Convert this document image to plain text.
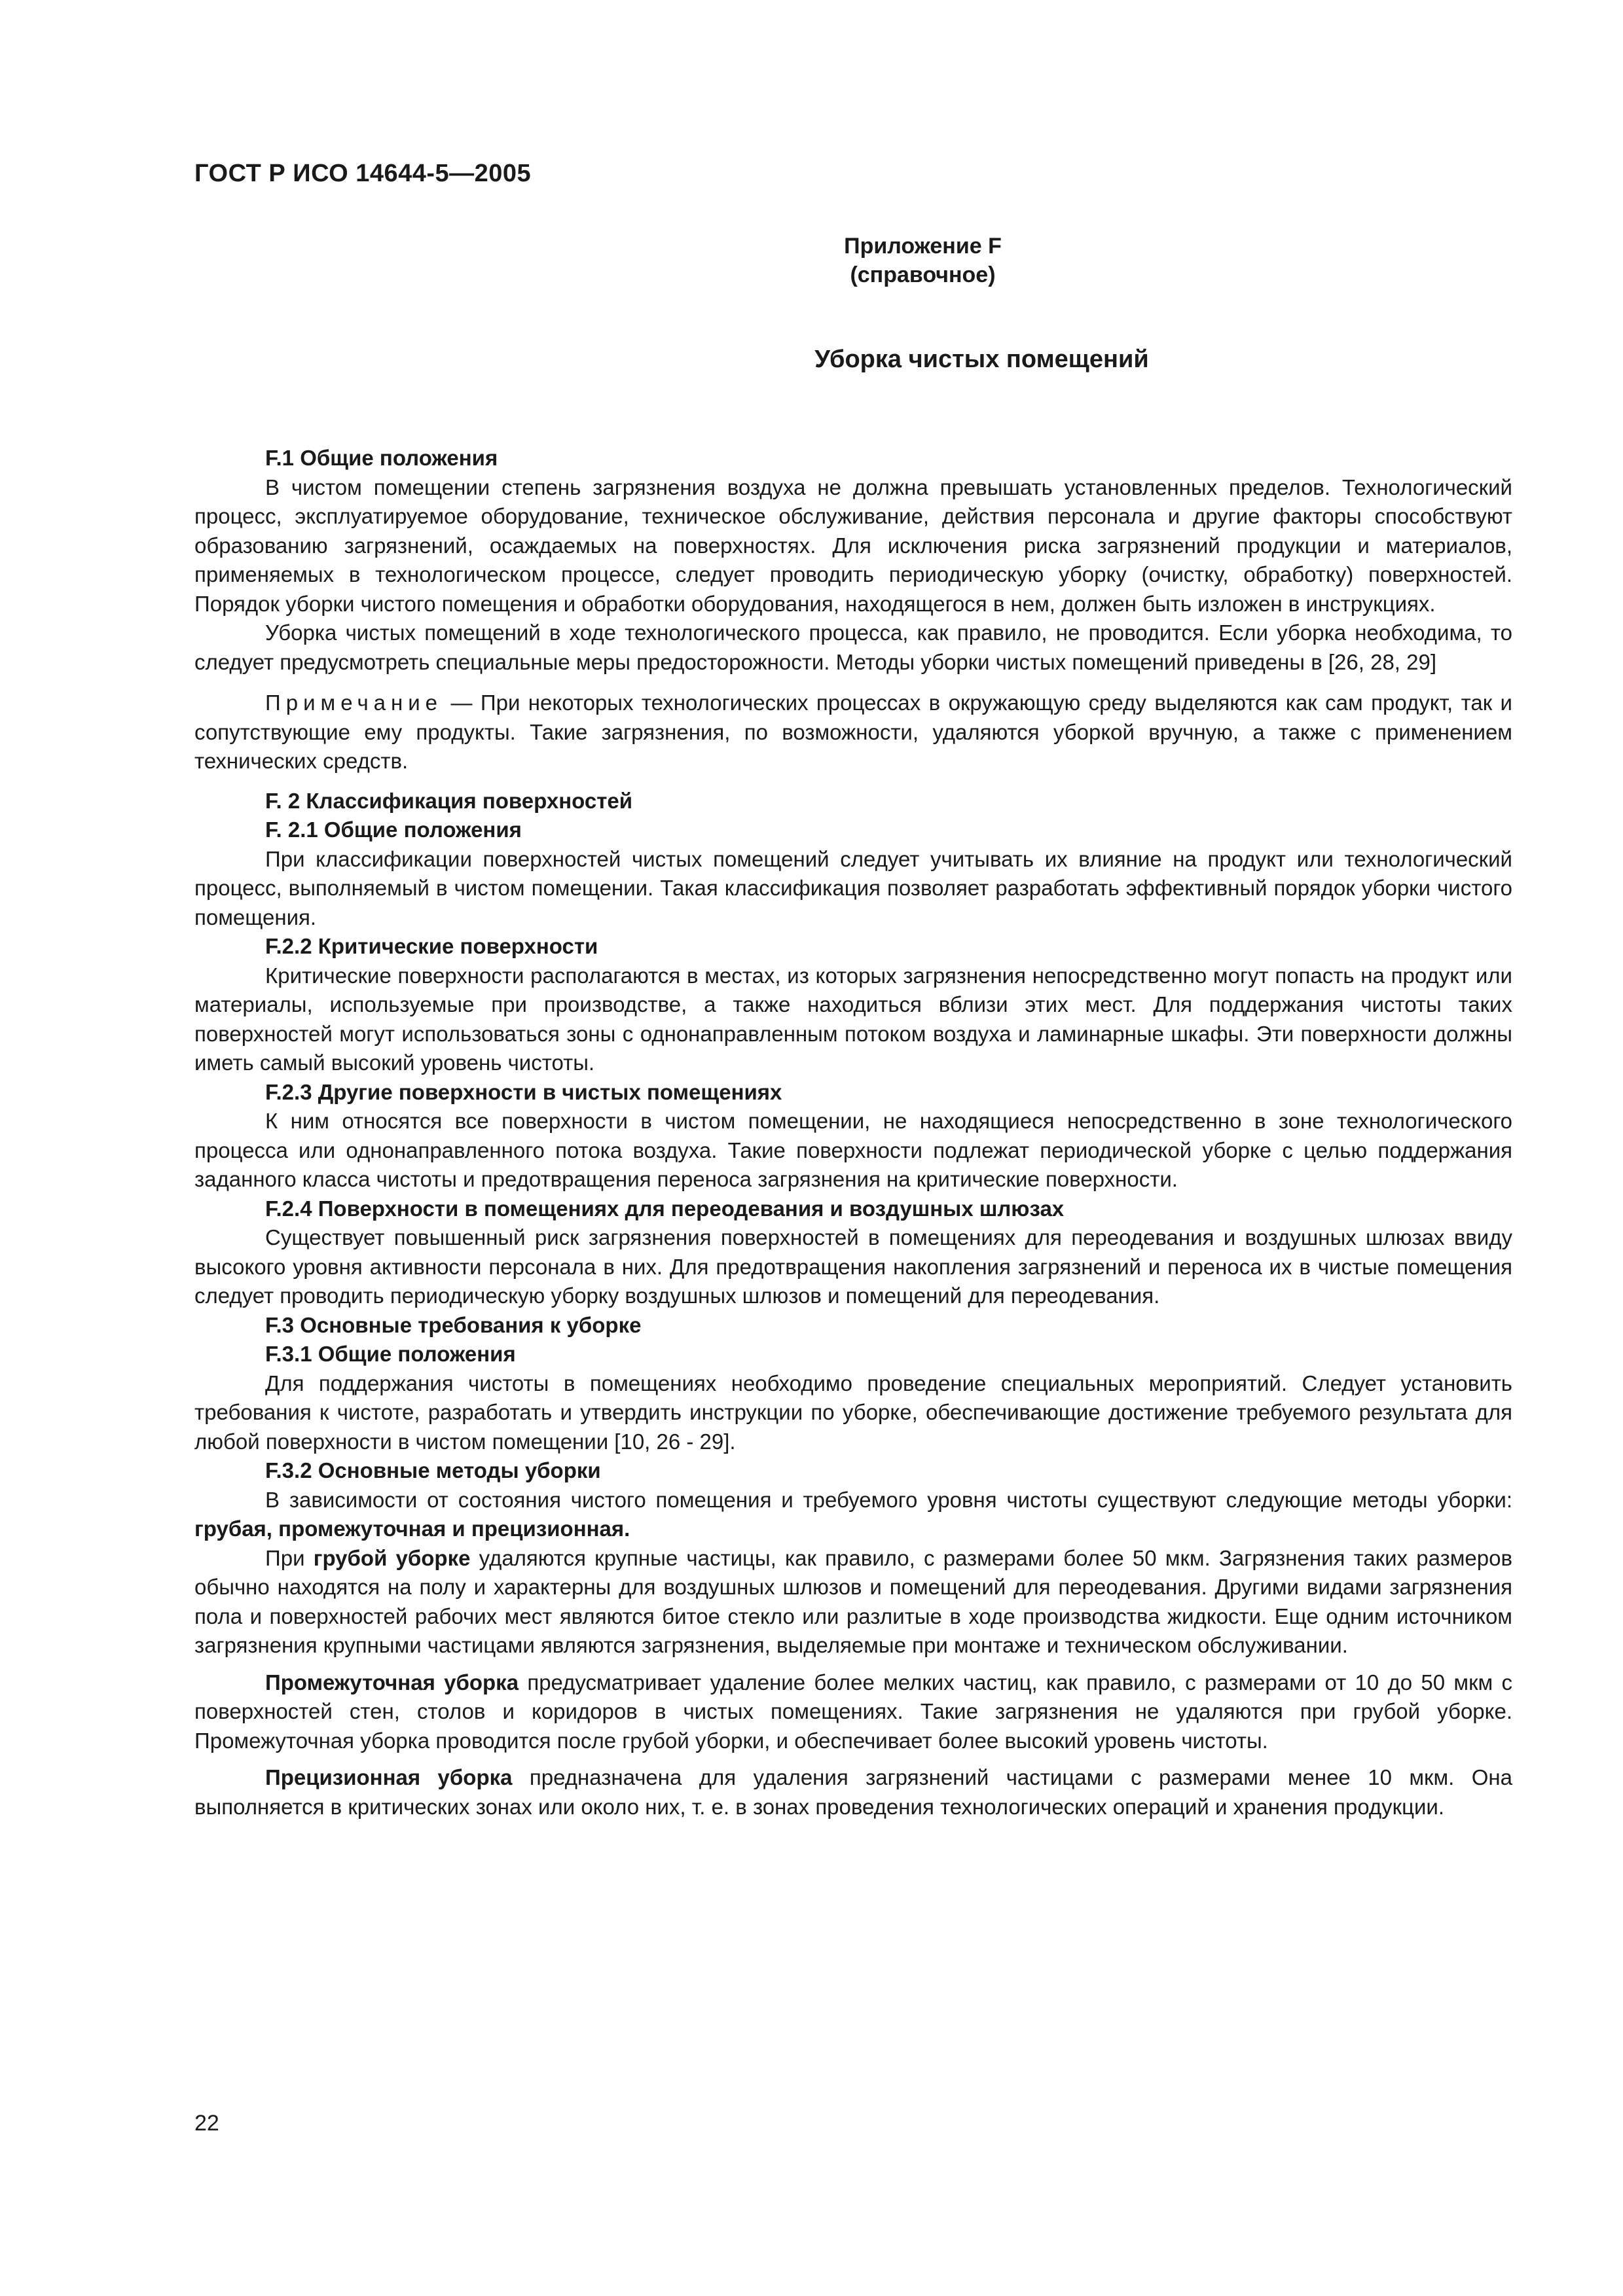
ГОСТ Р ИСО 14644-5—2005
Приложение F
(справочное)
Уборка чистых помещений

F.1 Общие положения

В чистом помещении степень загрязнения воздуха не должна превышать установленных пределов. Технологический процесс, эксплуатируемое оборудование, техническое обслуживание, действия персонала и другие факторы способствуют образованию загрязнений, осаждаемых на поверхностях. Для исключения риска загрязнений продукции и материалов, применяемых в технологическом процессе, следует проводить периодическую уборку (очистку, обработку) поверхностей. Порядок уборки чистого помещения и обработки оборудования, находящегося в нем, должен быть изложен в инструкциях.

Уборка чистых помещений в ходе технологического процесса, как правило, не проводится. Если уборка необходима, то следует предусмотреть специальные меры предосторожности. Методы уборки чистых помещений приведены в [26, 28, 29]

Примечание — При некоторых технологических процессах в окружающую среду выделяются как сам продукт, так и сопутствующие ему продукты. Такие загрязнения, по возможности, удаляются уборкой вручную, а также с применением технических средств.

F. 2 Классификация поверхностей

F. 2.1 Общие положения

При классификации поверхностей чистых помещений следует учитывать их влияние на продукт или технологический процесс, выполняемый в чистом помещении. Такая классификация позволяет разработать эффективный порядок уборки чистого помещения.

F.2.2 Критические поверхности

Критические поверхности располагаются в местах, из которых загрязнения непосредственно могут попасть на продукт или материалы, используемые при производстве, а также находиться вблизи этих мест. Для поддержания чистоты таких поверхностей могут использоваться зоны с однонаправленным потоком воздуха и ламинарные шкафы. Эти поверхности должны иметь самый высокий уровень чистоты.

F.2.3 Другие поверхности в чистых помещениях

К ним относятся все поверхности в чистом помещении, не находящиеся непосредственно в зоне технологического процесса или однонаправленного потока воздуха. Такие поверхности подлежат периодической уборке с целью поддержания заданного класса чистоты и предотвращения переноса загрязнения на критические поверхности.

F.2.4 Поверхности в помещениях для переодевания и воздушных шлюзах

Существует повышенный риск загрязнения поверхностей в помещениях для переодевания и воздушных шлюзах ввиду высокого уровня активности персонала в них. Для предотвращения накопления загрязнений и переноса их в чистые помещения следует проводить периодическую уборку воздушных шлюзов и помещений для переодевания.

F.3 Основные требования к уборке

F.3.1 Общие положения

Для поддержания чистоты в помещениях необходимо проведение специальных мероприятий. Следует установить требования к чистоте, разработать и утвердить инструкции по уборке, обеспечивающие достижение требуемого результата для любой поверхности в чистом помещении [10, 26 - 29].

F.3.2 Основные методы уборки

В зависимости от состояния чистого помещения и требуемого уровня чистоты существуют следующие методы уборки: грубая, промежуточная и прецизионная.

При грубой уборке удаляются крупные частицы, как правило, с размерами более 50 мкм. Загрязнения таких размеров обычно находятся на полу и характерны для воздушных шлюзов и помещений для переодевания. Другими видами загрязнения пола и поверхностей рабочих мест являются битое стекло или разлитые в ходе производства жидкости. Еще одним источником загрязнения крупными частицами являются загрязнения, выделяемые при монтаже и техническом обслуживании.

Промежуточная уборка предусматривает удаление более мелких частиц, как правило, с размерами от 10 до 50 мкм с поверхностей стен, столов и коридоров в чистых помещениях. Такие загрязнения не удаляются при грубой уборке. Промежуточная уборка проводится после грубой уборки, и обеспечивает более высокий уровень чистоты.

Прецизионная уборка предназначена для удаления загрязнений частицами с размерами менее 10 мкм. Она выполняется в критических зонах или около них, т. е. в зонах проведения технологических операций и хранения продукции.

22
